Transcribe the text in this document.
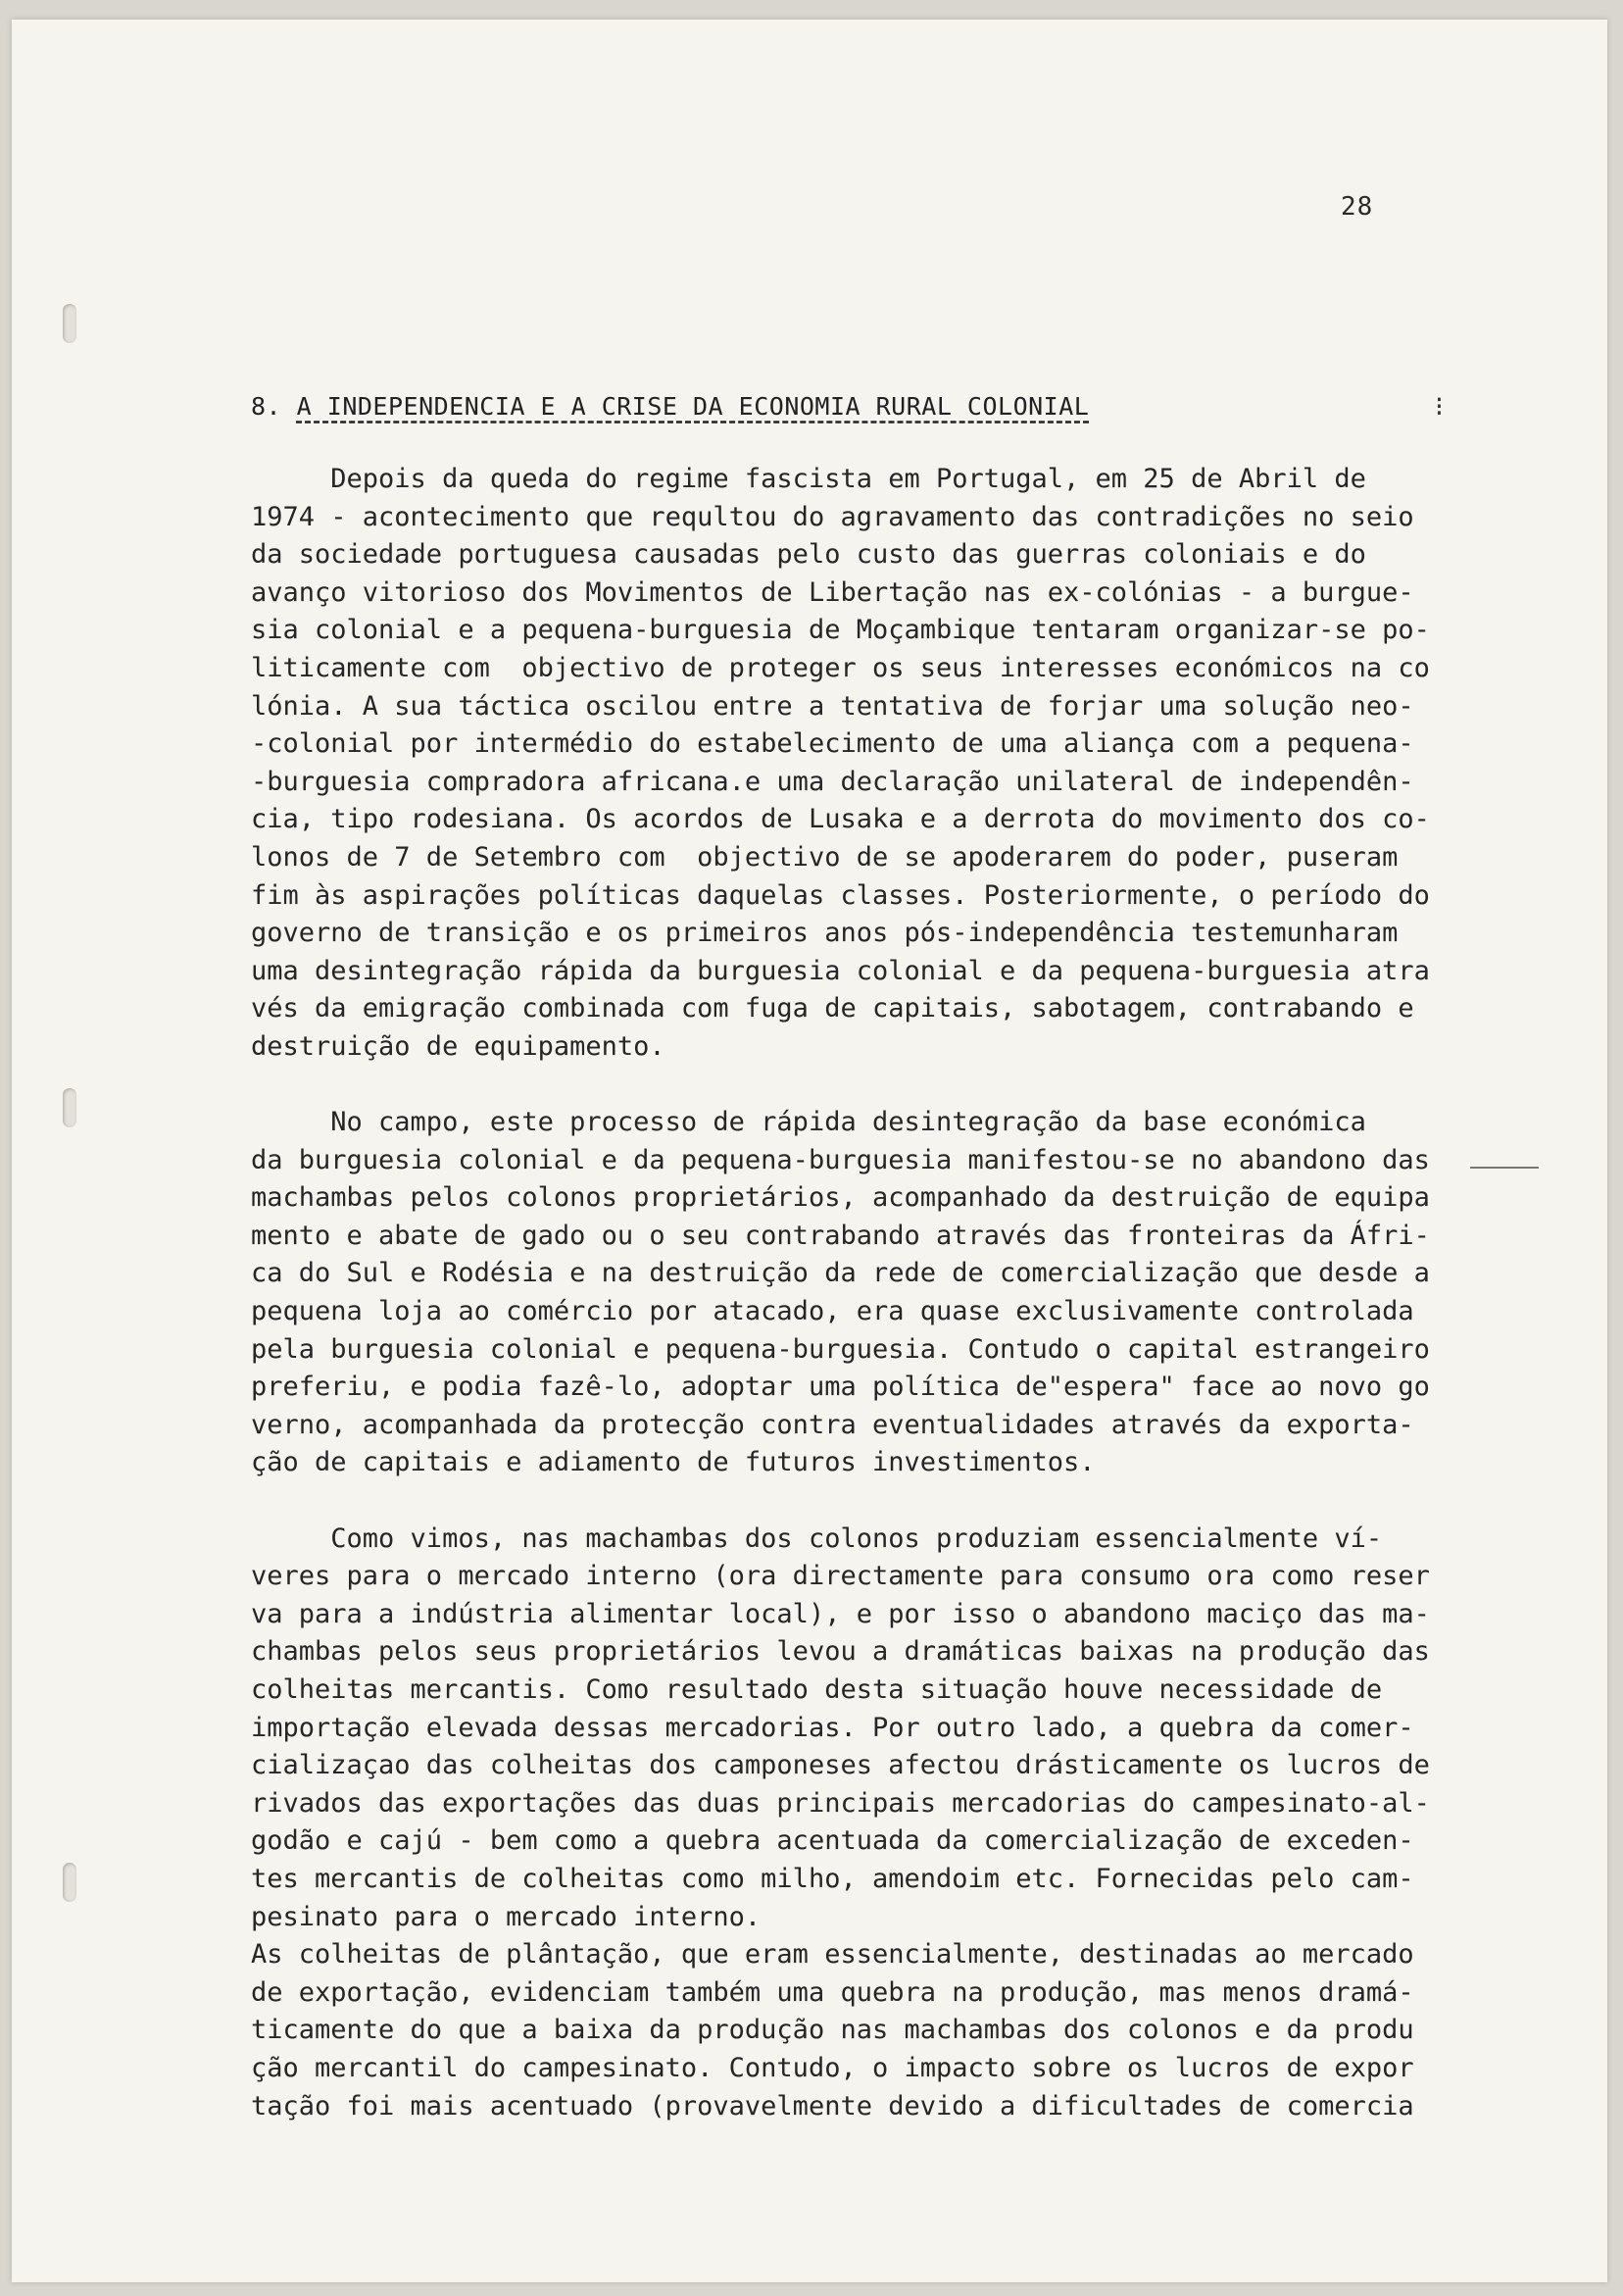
28
8. A INDEPENDENCIA E A CRISE DA ECONOMIA RURAL COLONIAL	⁝
Depois da queda do regime fascista em Portugal, em 25 de Abril de
1974 - acontecimento que requltou do agravamento das contradições no seio
da sociedade portuguesa causadas pelo custo das guerras coloniais e do
avanço vitorioso dos Movimentos de Libertação nas ex-colónias - a burgue-
sia colonial e a pequena-burguesia de Moçambique tentaram organizar-se po-
liticamente com  objectivo de proteger os seus interesses económicos na co
lónia. A sua táctica oscilou entre a tentativa de forjar uma solução neo-
-colonial por intermédio do estabelecimento de uma aliança com a pequena-
-burguesia compradora africana.e uma declaração unilateral de independên-
cia, tipo rodesiana. Os acordos de Lusaka e a derrota do movimento dos co-
lonos de 7 de Setembro com  objectivo de se apoderarem do poder, puseram
fim às aspirações políticas daquelas classes. Posteriormente, o período do
governo de transição e os primeiros anos pós-independência testemunharam
uma desintegração rápida da burguesia colonial e da pequena-burguesia atra
vés da emigração combinada com fuga de capitais, sabotagem, contrabando e
destruição de equipamento.
No campo, este processo de rápida desintegração da base económica
da burguesia colonial e da pequena-burguesia manifestou-se no abandono das
machambas pelos colonos proprietários, acompanhado da destruição de equipa
mento e abate de gado ou o seu contrabando através das fronteiras da Áfri-
ca do Sul e Rodésia e na destruição da rede de comercialização que desde a
pequena loja ao comércio por atacado, era quase exclusivamente controlada
pela burguesia colonial e pequena-burguesia. Contudo o capital estrangeiro
preferiu, e podia fazê-lo, adoptar uma política de"espera" face ao novo go
verno, acompanhada da protecção contra eventualidades através da exporta-
ção de capitais e adiamento de futuros investimentos.
Como vimos, nas machambas dos colonos produziam essencialmente ví-
veres para o mercado interno (ora directamente para consumo ora como reser
va para a indústria alimentar local), e por isso o abandono maciço das ma-
chambas pelos seus proprietários levou a dramáticas baixas na produção das
colheitas mercantis. Como resultado desta situação houve necessidade de
importação elevada dessas mercadorias. Por outro lado, a quebra da comer-
cializaçao das colheitas dos camponeses afectou drásticamente os lucros de
rivados das exportações das duas principais mercadorias do campesinato-al-
godão e cajú - bem como a quebra acentuada da comercialização de exceden-
tes mercantis de colheitas como milho, amendoim etc. Fornecidas pelo cam-
pesinato para o mercado interno.
As colheitas de plântação, que eram essencialmente, destinadas ao mercado
de exportação, evidenciam também uma quebra na produção, mas menos dramá-
ticamente do que a baixa da produção nas machambas dos colonos e da produ
ção mercantil do campesinato. Contudo, o impacto sobre os lucros de expor
tação foi mais acentuado (provavelmente devido a dificultades de comercia
